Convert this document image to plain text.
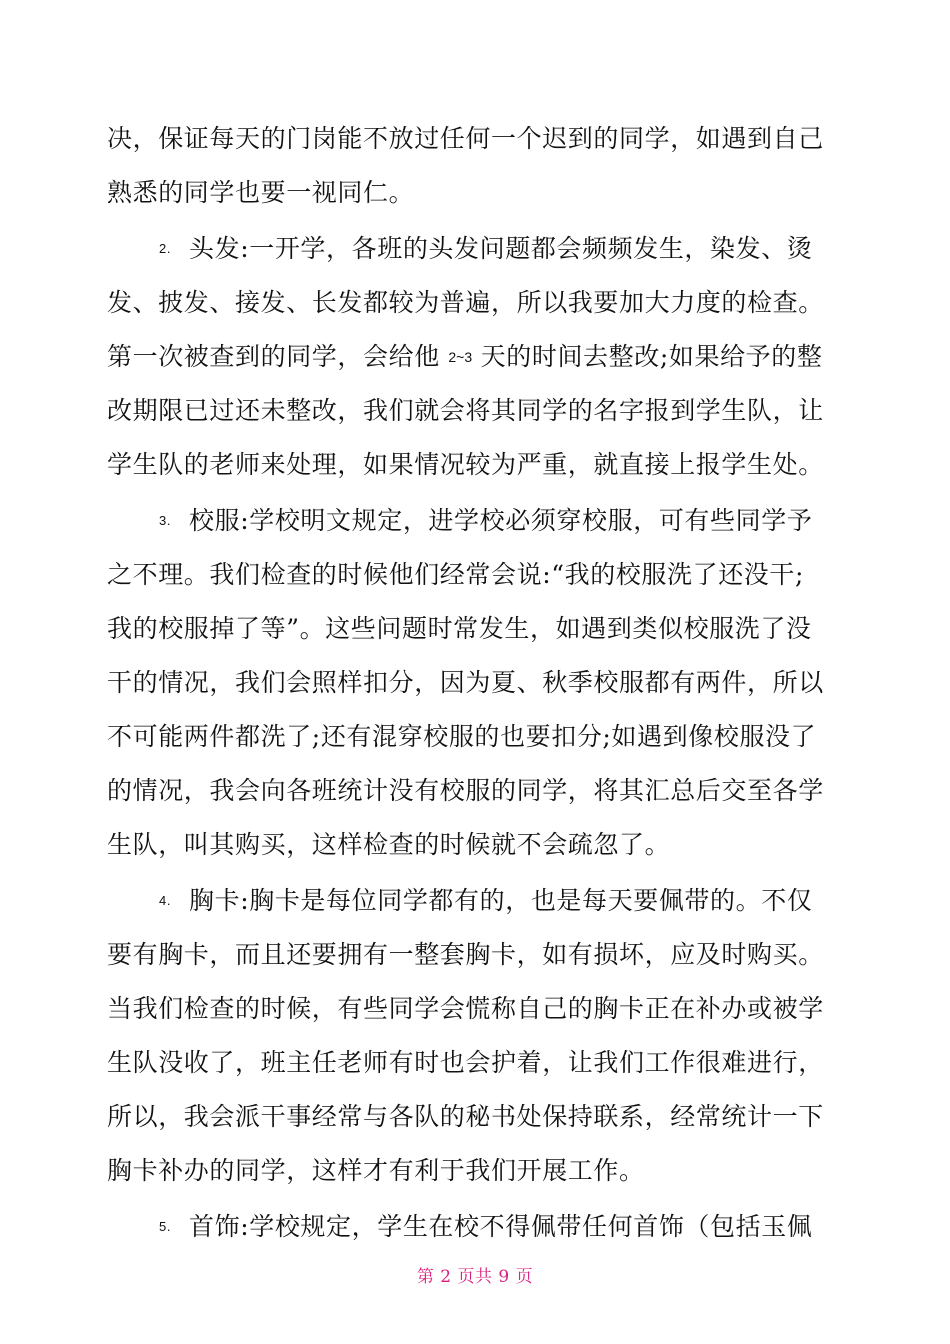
决，保证每天的门岗能不放过任何一个迟到的同学，如遇到自己
熟悉的同学也要一视同仁。
2. 头发:一开学，各班的头发问题都会频频发生，染发、烫
发、披发、接发、长发都较为普遍，所以我要加大力度的检查。
第一次被查到的同学，会给他 2~3 天的时间去整改;如果给予的整
改期限已过还未整改，我们就会将其同学的名字报到学生队，让
学生队的老师来处理，如果情况较为严重，就直接上报学生处。
3. 校服:学校明文规定，进学校必须穿校服，可有些同学予
之不理。我们检查的时候他们经常会说:“我的校服洗了还没干;
我的校服掉了等”。这些问题时常发生，如遇到类似校服洗了没
干的情况，我们会照样扣分，因为夏、秋季校服都有两件，所以
不可能两件都洗了;还有混穿校服的也要扣分;如遇到像校服没了
的情况，我会向各班统计没有校服的同学，将其汇总后交至各学
生队，叫其购买，这样检查的时候就不会疏忽了。
4. 胸卡:胸卡是每位同学都有的，也是每天要佩带的。不仅
要有胸卡，而且还要拥有一整套胸卡，如有损坏，应及时购买。
当我们检查的时候，有些同学会慌称自己的胸卡正在补办或被学
生队没收了，班主任老师有时也会护着，让我们工作很难进行，
所以，我会派干事经常与各队的秘书处保持联系，经常统计一下
胸卡补办的同学，这样才有利于我们开展工作。
5. 首饰:学校规定，学生在校不得佩带任何首饰（包括玉佩
第 2 页共 9 页
